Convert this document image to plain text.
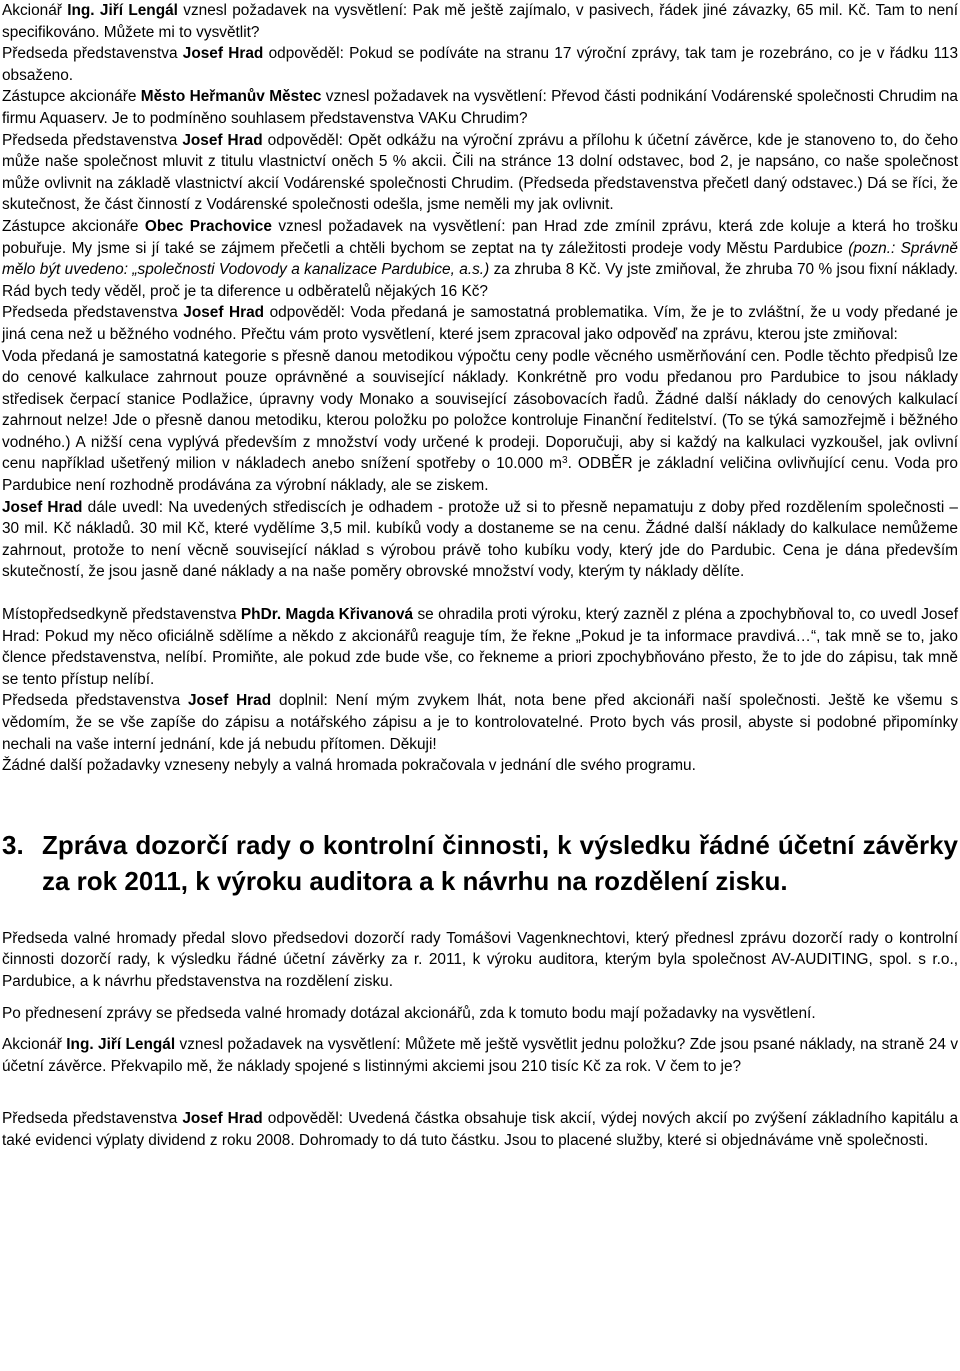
Akcionář Ing. Jiří Lengál vznesl požadavek na vysvětlení: Pak mě ještě zajímalo, v pasivech, řádek jiné závazky, 65 mil. Kč. Tam to není specifikováno. Můžete mi to vysvětlit?

Předseda představenstva Josef Hrad odpověděl: Pokud se podíváte na stranu 17 výroční zprávy, tak tam je rozebráno, co je v řádku 113 obsaženo.

Zástupce akcionáře Město Heřmanův Městec vznesl požadavek na vysvětlení: Převod části podnikání Vodárenské společnosti Chrudim na firmu Aquaserv. Je to podmíněno souhlasem představenstva VAKu Chrudim?

Předseda představenstva Josef Hrad odpověděl: Opět odkážu na výroční zprávu a přílohu k účetní závěrce, kde je stanoveno to, do čeho může naše společnost mluvit z titulu vlastnictví oněch 5 % akcii. Čili na stránce 13 dolní odstavec, bod 2, je napsáno, co naše společnost může ovlivnit na základě vlastnictví akcií Vodárenské společnosti Chrudim. (Předseda představenstva přečetl daný odstavec.) Dá se říci, že skutečnost, že část činností z Vodárenské společnosti odešla, jsme neměli my jak ovlivnit.

Zástupce akcionáře Obec Prachovice vznesl požadavek na vysvětlení: pan Hrad zde zmínil zprávu, která zde koluje a která ho trošku pobuřuje. My jsme si jí také se zájmem přečetli a chtěli bychom se zeptat na ty záležitosti prodeje vody Městu Pardubice (pozn.: Správně mělo být uvedeno: „společnosti Vodovody a kanalizace Pardubice, a.s.) za zhruba 8 Kč. Vy jste zmiňoval, že zhruba 70 % jsou fixní náklady. Rád bych tedy věděl, proč je ta diference u odběratelů nějakých 16 Kč?

Předseda představenstva Josef Hrad odpověděl: Voda předaná je samostatná problematika. Vím, že je to zvláštní, že u vody předané je jiná cena než u běžného vodného. Přečtu vám proto vysvětlení, které jsem zpracoval jako odpověď na zprávu, kterou jste zmiňoval:

Voda předaná je samostatná kategorie s přesně danou metodikou výpočtu ceny podle věcného usměrňování cen. Podle těchto předpisů lze do cenové kalkulace zahrnout pouze oprávněné a související náklady. Konkrétně pro vodu předanou pro Pardubice to jsou náklady středisek čerpací stanice Podlažice, úpravny vody Monako a související zásobovacích řadů. Žádné další náklady do cenových kalkulací zahrnout nelze! Jde o přesně danou metodiku, kterou položku po položce kontroluje Finanční ředitelství. (To se týká samozřejmě i běžného vodného.) A nižší cena vyplývá především z množství vody určené k prodeji. Doporučuji, aby si každý na kalkulaci vyzkoušel, jak ovlivní cenu například ušetřený milion v nákladech anebo snížení spotřeby o 10.000 $m^3$. ODBĚR je základní veličina ovlivňující cenu. Voda pro Pardubice není rozhodně prodávána za výrobní náklady, ale se ziskem.

Josef Hrad dále uvedl: Na uvedených střediscích je odhadem - protože už si to přesně nepamatuju z doby před rozdělením společnosti – 30 mil. Kč nákladů. 30 mil Kč, které vydělíme 3,5 mil. kubíků vody a dostaneme se na cenu. Žádné další náklady do kalkulace nemůžeme zahrnout, protože to není věcně související náklad s výrobou právě toho kubíku vody, který jde do Pardubic. Cena je dána především skutečností, že jsou jasně dané náklady a na naše poměry obrovské množství vody, kterým ty náklady dělíte.

Místopředsedkyně představenstva PhDr. Magda Křivanová se ohradila proti výroku, který zazněl z pléna a zpochybňoval to, co uvedl Josef Hrad: Pokud my něco oficiálně sdělíme a někdo z akcionářů reaguje tím, že řekne „Pokud je ta informace pravdivá…“, tak mně se to, jako člence představenstva, nelíbí. Promiňte, ale pokud zde bude vše, co řekneme a priori zpochybňováno přesto, že to jde do zápisu, tak mně se tento přístup nelíbí.

Předseda představenstva Josef Hrad doplnil: Není mým zvykem lhát, nota bene před akcionáři naší společnosti. Ještě ke všemu s vědomím, že se vše zapíše do zápisu a notářského zápisu a je to kontrolovatelné. Proto bych vás prosil, abyste si podobné připomínky nechali na vaše interní jednání, kde já nebudu přítomen. Děkuji!

Žádné další požadavky vzneseny nebyly a valná hromada pokračovala v jednání dle svého programu.

3. Zpráva dozorčí rady o kontrolní činnosti, k výsledku řádné účetní závěrky za rok 2011, k výroku auditora a k návrhu na rozdělení zisku.

Předseda valné hromady předal slovo předsedovi dozorčí rady Tomášovi Vagenknechtovi, který přednesl zprávu dozorčí rady o kontrolní činnosti dozorčí rady, k výsledku řádné účetní závěrky za r. 2011, k výroku auditora, kterým byla společnost AV-AUDITING, spol. s r.o., Pardubice, a k návrhu představenstva na rozdělení zisku.

Po přednesení zprávy se předseda valné hromady dotázal akcionářů, zda k tomuto bodu mají požadavky na vysvětlení.

Akcionář Ing. Jiří Lengál vznesl požadavek na vysvětlení: Můžete mě ještě vysvětlit jednu položku? Zde jsou psané náklady, na straně 24 v účetní závěrce. Překvapilo mě, že náklady spojené s listinnými akciemi jsou 210 tisíc Kč za rok. V čem to je?

Předseda představenstva Josef Hrad odpověděl: Uvedená částka obsahuje tisk akcií, výdej nových akcií po zvýšení základního kapitálu a také evidenci výplaty dividend z roku 2008. Dohromady to dá tuto částku. Jsou to placené služby, které si objednáváme vně společnosti.
